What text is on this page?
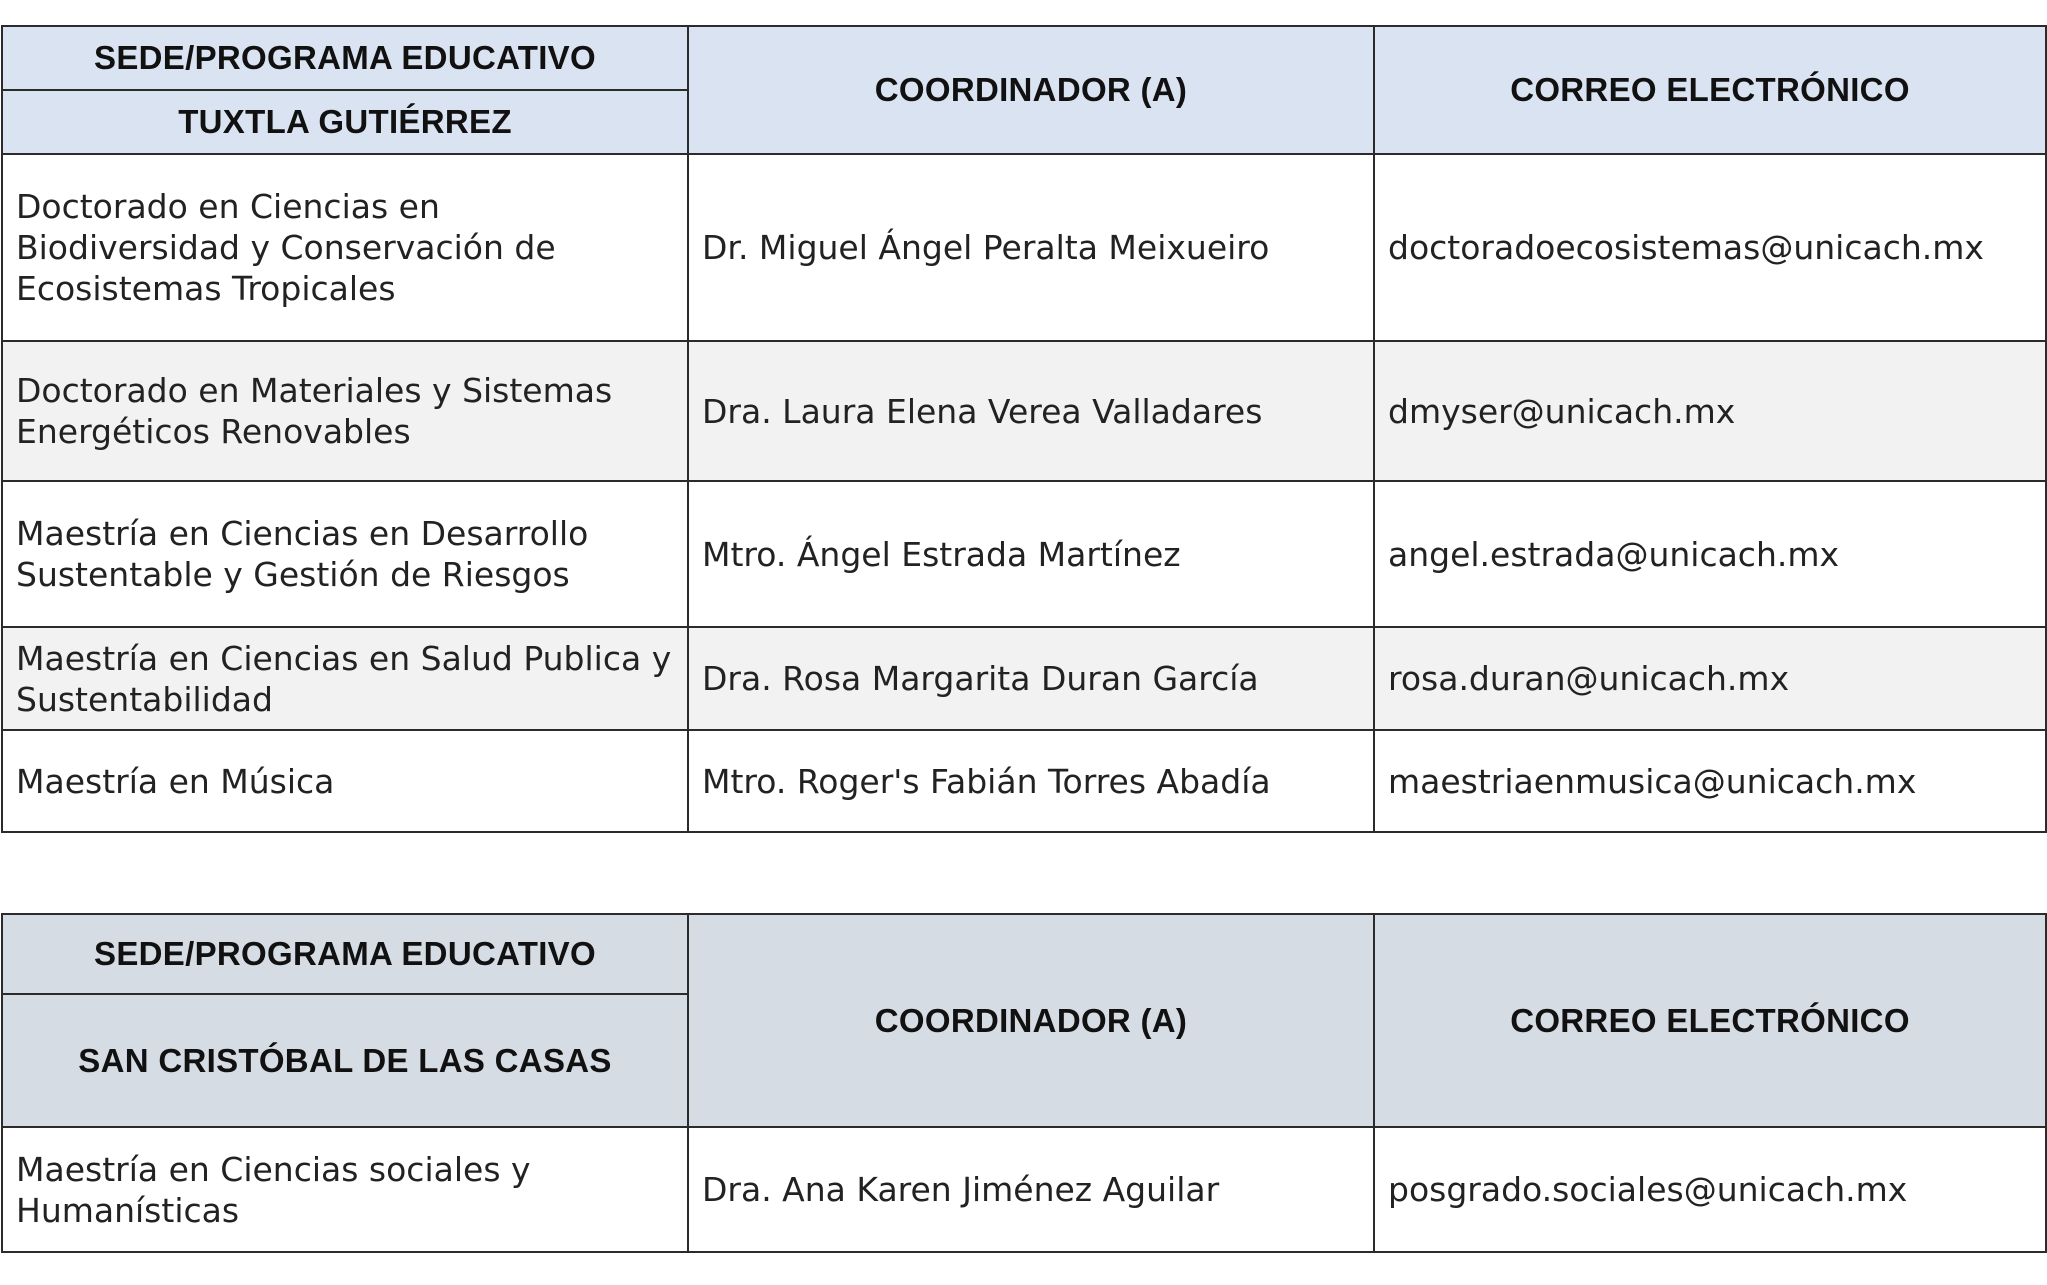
SEDE/PROGRAMA EDUCATIVO	COORDINADOR (A)	CORREO ELECTRÓNICO
TUXTLA GUTIÉRREZ		
Doctorado en Ciencias en Biodiversidad y Conservación de Ecosistemas Tropicales	Dr. Miguel Ángel Peralta Meixueiro	doctoradoecosistemas@unicach.mx
Doctorado en Materiales y Sistemas Energéticos Renovables	Dra. Laura Elena Verea Valladares	dmyser@unicach.mx
Maestría en Ciencias en Desarrollo Sustentable y Gestión de Riesgos	Mtro. Ángel Estrada Martínez	angel.estrada@unicach.mx
Maestría en Ciencias en Salud Publica y Sustentabilidad	Dra. Rosa Margarita Duran García	rosa.duran@unicach.mx
Maestría en Música	Mtro. Roger's Fabián Torres Abadía	maestriaenmusica@unicach.mx
SEDE/PROGRAMA EDUCATIVO	COORDINADOR (A)	CORREO ELECTRÓNICO
SAN CRISTÓBAL DE LAS CASAS		
Maestría en Ciencias sociales y Humanísticas	Dra. Ana Karen Jiménez Aguilar	posgrado.sociales@unicach.mx
